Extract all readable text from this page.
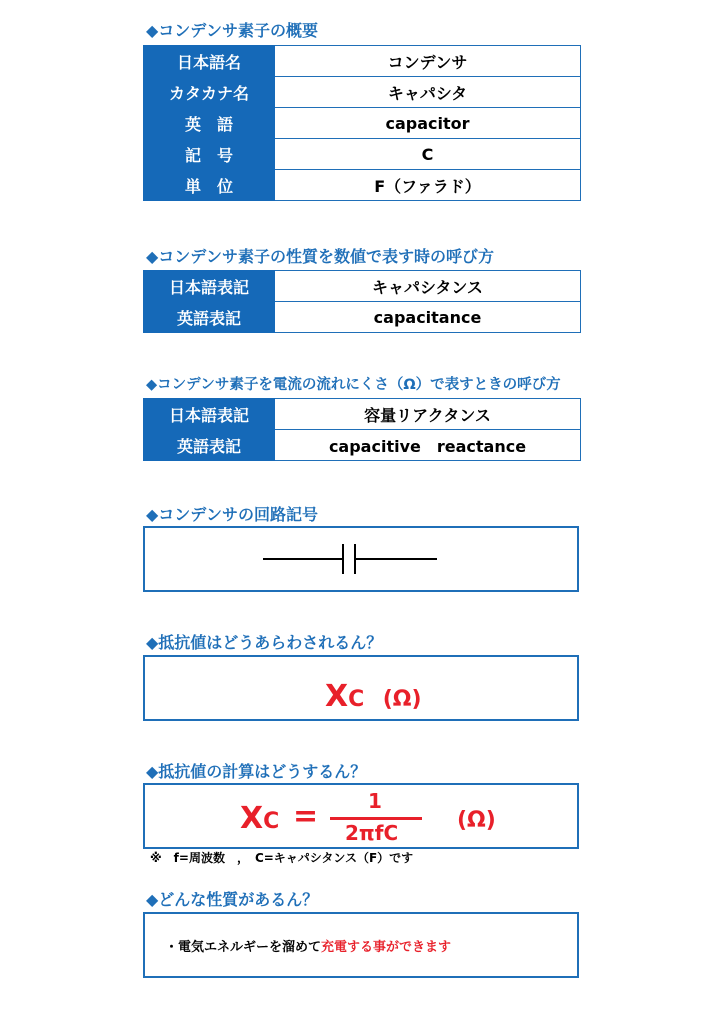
◆コンデンサ素子の概要
日本語名	コンデンサ
カタカナ名	キャパシタ
英　語	capacitor
記　号	C
単　位	F（ファラド）
◆コンデンサ素子の性質を数値で表す時の呼び方
日本語表記	キャパシタンス
英語表記	capacitance
◆コンデンサ素子を電流の流れにくさ（Ω）で表すときの呼び方
日本語表記	容量リアクタンス
英語表記	capacitive　reactance
◆コンデンサの回路記号
◆抵抗値はどうあらわされるん？
XC (Ω)
◆抵抗値の計算はどうするん？
XC = 1
2πfC	(Ω)
※　f=周波数　，　C=キャパシタンス（F）です
◆どんな性質があるん？
・電気エネルギーを溜めて充電する事ができます
